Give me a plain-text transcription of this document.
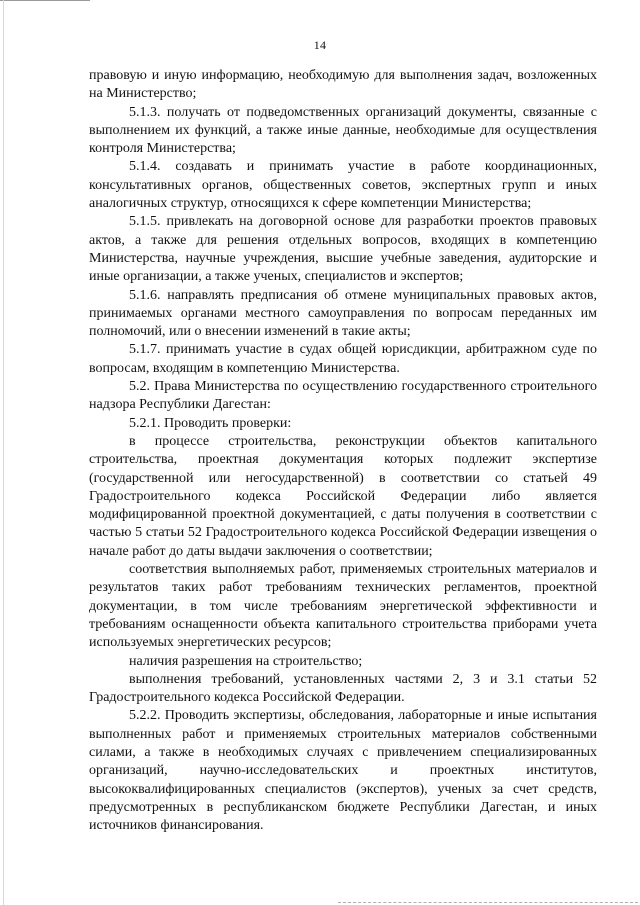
14

правовую и иную информацию, необходимую для выполнения задач, возложенных на Министерство;

5.1.3. получать от подведомственных организаций документы, связанные с выполнением их функций, а также иные данные, необходимые для осуществления контроля Министерства;

5.1.4. создавать и принимать участие в работе координационных, консультативных органов, общественных советов, экспертных групп и иных аналогичных структур, относящихся к сфере компетенции Министерства;

5.1.5. привлекать на договорной основе для разработки проектов правовых актов, а также для решения отдельных вопросов, входящих в компетенцию Министерства, научные учреждения, высшие учебные заведения, аудиторские и иные организации, а также ученых, специалистов и экспертов;

5.1.6. направлять предписания об отмене муниципальных правовых актов, принимаемых органами местного самоуправления по вопросам переданных им полномочий, или о внесении изменений в такие акты;

5.1.7. принимать участие в судах общей юрисдикции, арбитражном суде по вопросам, входящим в компетенцию Министерства.

5.2. Права Министерства по осуществлению государственного строительного надзора Республики Дагестан:

5.2.1. Проводить проверки:

в процессе строительства, реконструкции объектов капитального строительства, проектная документация которых подлежит экспертизе (государственной или негосударственной) в соответствии со статьей 49 Градостроительного кодекса Российской Федерации либо является модифицированной проектной документацией, с даты получения в соответствии с частью 5 статьи 52 Градостроительного кодекса Российской Федерации извещения о начале работ до даты выдачи заключения о соответствии;

соответствия выполняемых работ, применяемых строительных материалов и результатов таких работ требованиям технических регламентов, проектной документации, в том числе требованиям энергетической эффективности и требованиям оснащенности объекта капитального строительства приборами учета используемых энергетических ресурсов;

наличия разрешения на строительство;

выполнения требований, установленных частями 2, 3 и 3.1 статьи 52 Градостроительного кодекса Российской Федерации.

5.2.2. Проводить экспертизы, обследования, лабораторные и иные испытания выполненных работ и применяемых строительных материалов собственными силами, а также в необходимых случаях с привлечением специализированных организаций, научно-исследовательских и проектных институтов, высококвалифицированных специалистов (экспертов), ученых за счет средств, предусмотренных в республиканском бюджете Республики Дагестан, и иных источников финансирования.
